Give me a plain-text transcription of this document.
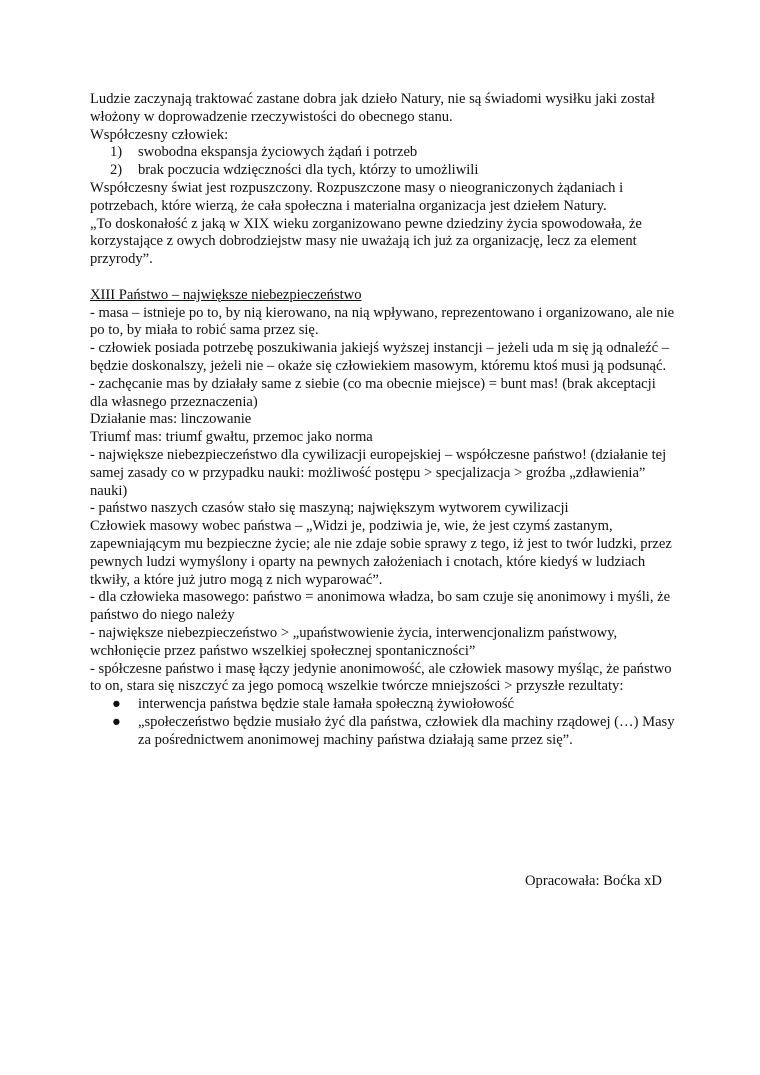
Ludzie zaczynają traktować zastane dobra jak dzieło Natury, nie są świadomi wysiłku jaki został włożony w doprowadzenie rzeczywistości do obecnego stanu.

Współczesny człowiek:

1) swobodna ekspansja życiowych żądań i potrzeb
2) brak poczucia wdzięczności dla tych, którzy to umożliwili

Współczesny świat jest rozpuszczony. Rozpuszczone masy o nieograniczonych żądaniach i potrzebach, które wierzą, że cała społeczna i materialna organizacja jest dziełem Natury.

„To doskonałość z jaką w XIX wieku zorganizowano pewne dziedziny życia spowodowała, że korzystające z owych dobrodziejstw masy nie uważają ich już za organizację, lecz za element przyrody”.

XIII Państwo – największe niebezpieczeństwo

- masa – istnieje po to, by nią kierowano, na nią wpływano, reprezentowano i organizowano, ale nie po to, by miała to robić sama przez się.

- człowiek posiada potrzebę poszukiwania jakiejś wyższej instancji – jeżeli uda m się ją odnaleźć – będzie doskonalszy, jeżeli nie – okaże się człowiekiem masowym, któremu ktoś musi ją podsunąć.

- zachęcanie mas by działały same z siebie (co ma obecnie miejsce) = bunt mas! (brak akceptacji dla własnego przeznaczenia)

Działanie mas: linczowanie

Triumf mas: triumf gwałtu, przemoc jako norma

- największe niebezpieczeństwo dla cywilizacji europejskiej – współczesne państwo! (działanie tej samej zasady co w przypadku nauki: możliwość postępu > specjalizacja > groźba „zdławienia” nauki)

- państwo naszych czasów stało się maszyną; największym wytworem cywilizacji

Człowiek masowy wobec państwa – „Widzi je, podziwia je, wie, że jest czymś zastanym, zapewniającym mu bezpieczne życie; ale nie zdaje sobie sprawy z tego, iż jest to twór ludzki, przez pewnych ludzi wymyślony i oparty na pewnych założeniach i cnotach, które kiedyś w ludziach tkwiły, a które już jutro mogą z nich wyparować”.

- dla człowieka masowego: państwo = anonimowa władza, bo sam czuje się anonimowy i myśli, że państwo do niego należy

- największe niebezpieczeństwo > „upaństwowienie życia, interwencjonalizm państwowy, wchłonięcie przez państwo wszelkiej społecznej spontaniczności”

- spółczesne państwo i masę łączy jedynie anonimowość, ale człowiek masowy myśląc, że państwo to on, stara się niszczyć za jego pomocą wszelkie twórcze mniejszości > przyszłe rezultaty:

● interwencja państwa będzie stale łamała społeczną żywiołowość
● „społeczeństwo będzie musiało żyć dla państwa, człowiek dla machiny rządowej (…) Masy za pośrednictwem anonimowej machiny państwa działają same przez się”.
Opracowała: Boćka xD
